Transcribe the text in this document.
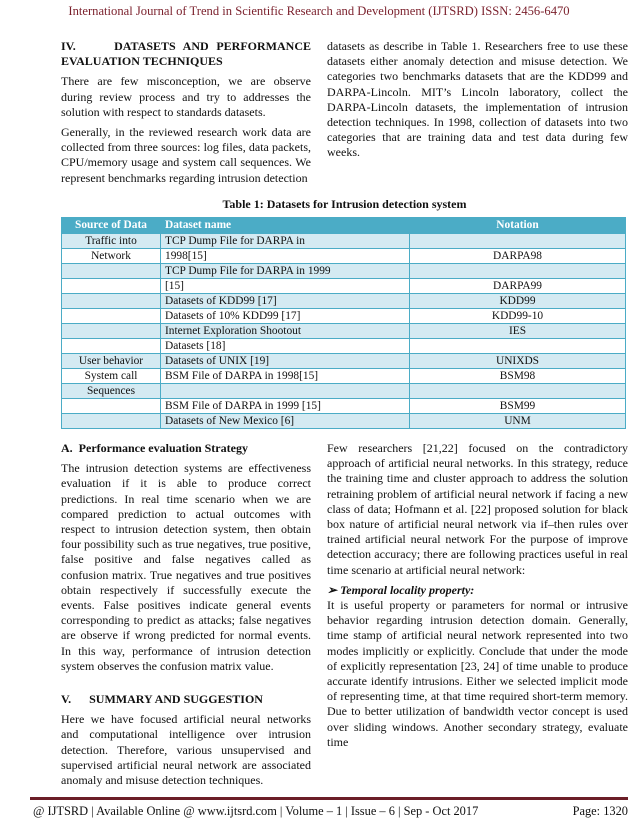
International Journal of Trend in Scientific Research and Development (IJTSRD) ISSN: 2456-6470
IV.     DATASETS AND PERFORMANCE EVALUATION TECHNIQUES

There are few misconception, we are observe during review process and try to addresses the solution with respect to standards datasets.

Generally, in the reviewed research work data are collected from three sources: log files, data packets, CPU/memory usage and system call sequences. We represent benchmarks regarding intrusion detection

datasets as describe in Table 1. Researchers free to use these datasets either anomaly detection and misuse detection. We categories two benchmarks datasets that are the KDD99 and DARPA-Lincoln. MIT’s Lincoln laboratory, collect the DARPA-Lincoln datasets, the implementation of intrusion detection techniques. In 1998, collection of datasets into two categories that are training data and test data during few weeks.

Table 1: Datasets for Intrusion detection system
Source of Data	Dataset name	Notation
Traffic into	TCP Dump File for DARPA in	
Network	1998[15]	DARPA98
	TCP Dump File for DARPA in 1999	
	[15]	DARPA99
	Datasets of KDD99 [17]	KDD99
	Datasets of 10% KDD99 [17]	KDD99-10
	Internet Exploration Shootout	IES
	Datasets [18]	
User behavior	Datasets of UNIX [19]	UNIXDS
System call	BSM File of DARPA in 1998[15]	BSM98
Sequences		
	BSM File of DARPA in 1999 [15]	BSM99
	Datasets of New Mexico [6]	UNM
A.  Performance evaluation Strategy

The intrusion detection systems are effectiveness evaluation if it is able to produce correct predictions. In real time scenario when we are compared prediction to actual outcomes with respect to intrusion detection system, then obtain four possibility such as true negatives, true positive, false positive and false negatives called as confusion matrix. True negatives and true positives obtain respectively if successfully execute the events. False positives indicate general events corresponding to predict as attacks; false negatives are observe if wrong predicted for normal events. In this way, performance of intrusion detection system observes the confusion matrix value.

V.      SUMMARY AND SUGGESTION

Here we have focused artificial neural networks and computational intelligence over intrusion detection. Therefore, various unsupervised and supervised artificial neural network are associated anomaly and misuse detection techniques.

Few researchers [21,22] focused on the contradictory approach of artificial neural networks. In this strategy, reduce the training time and cluster approach to address the solution retraining problem of artificial neural network if facing a new class of data; Hofmann et al. [22] proposed solution for black box nature of artificial neural network via if–then rules over trained artificial neural network For the purpose of improve detection accuracy; there are following practices useful in real time scenario at artificial neural network:

➢ Temporal locality property:

It is useful property or parameters for normal or intrusive behavior regarding intrusion detection domain. Generally, time stamp of artificial neural network represented into two modes implicitly or explicitly. Conclude that under the mode of explicitly representation [23, 24] of time unable to produce accurate identify intrusions. Either we selected implicit mode of representing time, at that time required short-term memory. Due to better utilization of bandwidth vector concept is used over sliding windows. Another secondary strategy, evaluate time

@ IJTSRD | Available Online @ www.ijtsrd.com | Volume – 1 | Issue – 6 | Sep - Oct 2017	Page: 1320
